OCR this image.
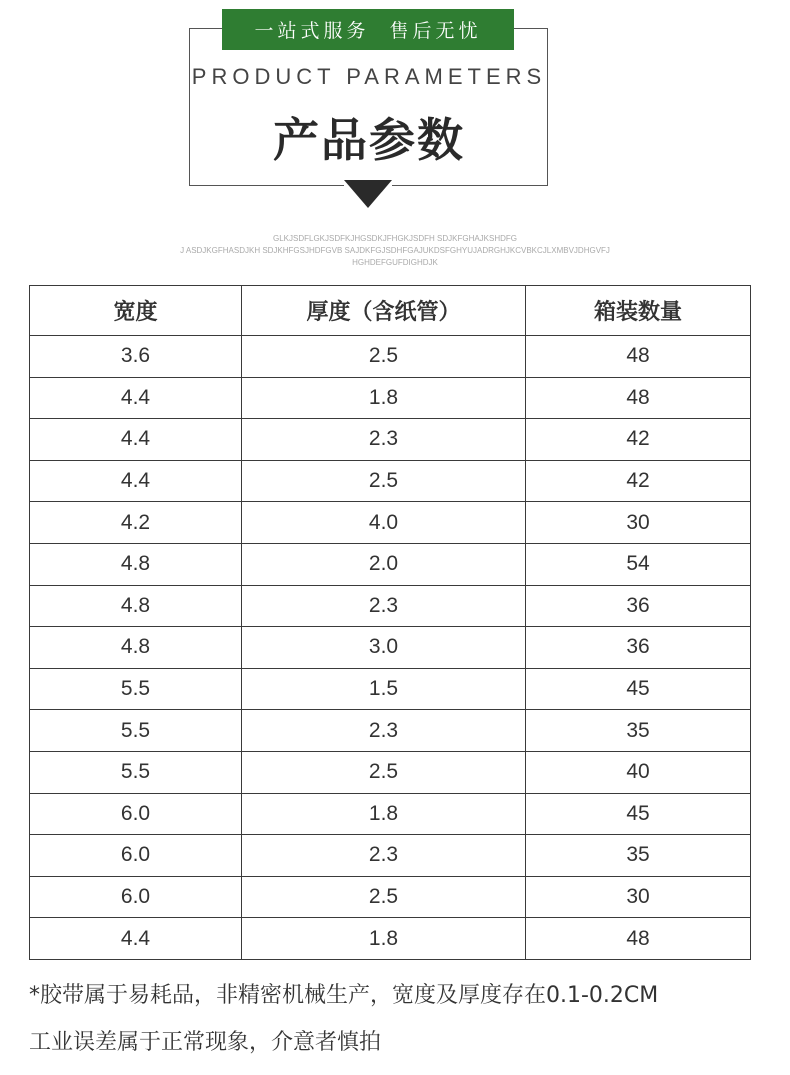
一站式服务  售后无忧
PRODUCT PARAMETERS
产品参数
GLKJSDFLGKJSDFKJHGSDKJFHGKJSDFH SDJKFGHAJKSHDFG
J ASDJKGFHASDJKH SDJKHFGSJHDFGVB SAJDKFGJSDHFGAJUKDSFGHYUJADRGHJKCVBKCJLXMBVJDHGVFJ
HGHDEFGUFDIGHDJK
宽度	厚度（含纸管）	箱装数量
3.6	2.5	48
4.4	1.8	48
4.4	2.3	42
4.4	2.5	42
4.2	4.0	30
4.8	2.0	54
4.8	2.3	36
4.8	3.0	36
5.5	1.5	45
5.5	2.3	35
5.5	2.5	40
6.0	1.8	45
6.0	2.3	35
6.0	2.5	30
4.4	1.8	48
*胶带属于易耗品，非精密机械生产，宽度及厚度存在0.1-0.2CM
工业误差属于正常现象，介意者慎拍
